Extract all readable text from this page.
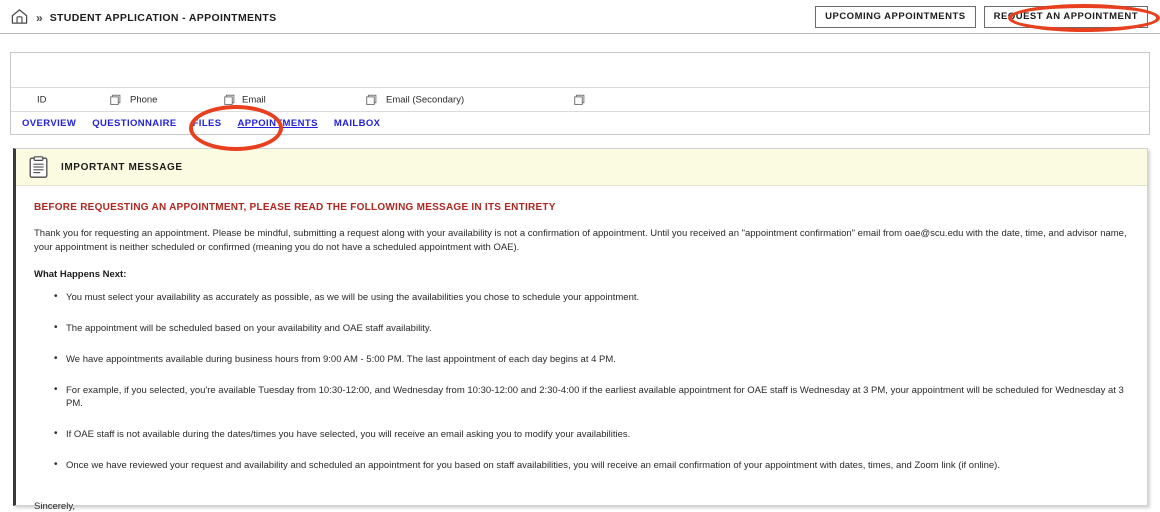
» STUDENT APPLICATION - APPOINTMENTS	UPCOMING APPOINTMENTS	REQUEST AN APPOINTMENT
ID	Phone	Email	Email (Secondary)
OVERVIEW QUESTIONNAIRE FILES APPOINTMENTS MAILBOX
IMPORTANT MESSAGE

BEFORE REQUESTING AN APPOINTMENT, PLEASE READ THE FOLLOWING MESSAGE IN ITS ENTIRETY

Thank you for requesting an appointment. Please be mindful, submitting a request along with your availability is not a confirmation of appointment. Until you received an "appointment confirmation" email from oae@scu.edu with the date, time, and advisor name, your appointment is neither scheduled or confirmed (meaning you do not have a scheduled appointment with OAE).

What Happens Next:

• You must select your availability as accurately as possible, as we will be using the availabilities you chose to schedule your appointment.
• The appointment will be scheduled based on your availability and OAE staff availability.
• We have appointments available during business hours from 9:00 AM - 5:00 PM. The last appointment of each day begins at 4 PM.
• For example, if you selected, you're available Tuesday from 10:30-12:00, and Wednesday from 10:30-12:00 and 2:30-4:00 if the earliest available appointment for OAE staff is Wednesday at 3 PM, your appointment will be scheduled for Wednesday at 3 PM.
• If OAE staff is not available during the dates/times you have selected, you will receive an email asking you to modify your availabilities.
• Once we have reviewed your request and availability and scheduled an appointment for you based on staff availabilities, you will receive an email confirmation of your appointment with dates, times, and Zoom link (if online).

Sincerely,
